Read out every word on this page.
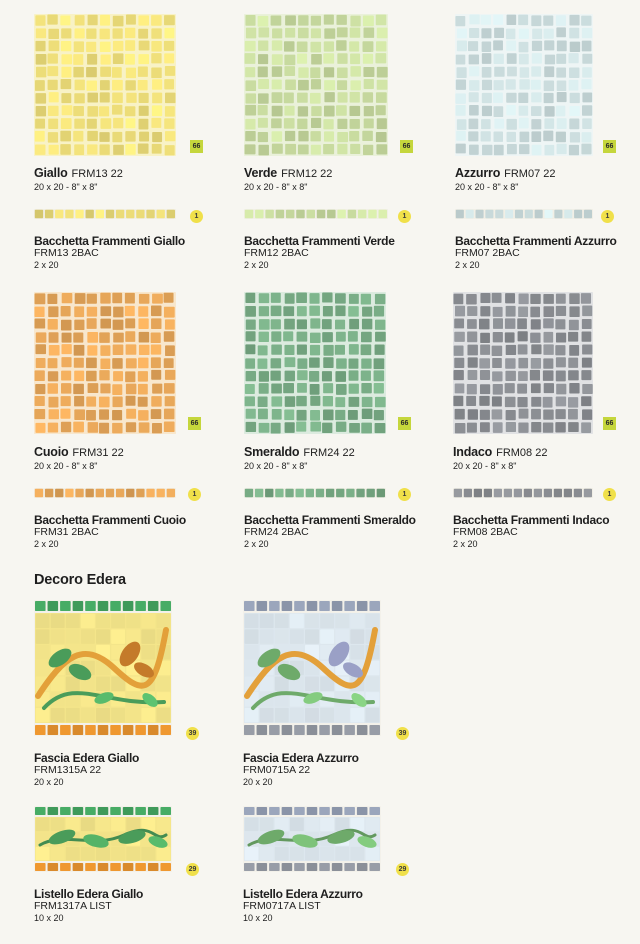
66
Giallo FRM13 22
20 x 20 - 8" x 8"
66
Verde FRM12 22
20 x 20 - 8" x 8"
66
Azzurro FRM07 22
20 x 20 - 8" x 8"
1
Bacchetta Frammenti Giallo
FRM13 2BAC
2 x 20
1
Bacchetta Frammenti Verde
FRM12 2BAC
2 x 20
1
Bacchetta Frammenti Azzurro
FRM07 2BAC
2 x 20
66
Cuoio FRM31 22
20 x 20 - 8" x 8"
66
Smeraldo FRM24 22
20 x 20 - 8" x 8"
66
Indaco FRM08 22
20 x 20 - 8" x 8"
1
Bacchetta Frammenti Cuoio
FRM31 2BAC
2 x 20
1
Bacchetta Frammenti Smeraldo
FRM24 2BAC
2 x 20
1
Bacchetta Frammenti Indaco
FRM08 2BAC
2 x 20
Decoro Edera
39
Fascia Edera Giallo
FRM1315A 22
20 x 20
39
Fascia Edera Azzurro
FRM0715A 22
20 x 20
29
Listello Edera Giallo
FRM1317A LIST
10 x 20
29
Listello Edera Azzurro
FRM0717A LIST
10 x 20
